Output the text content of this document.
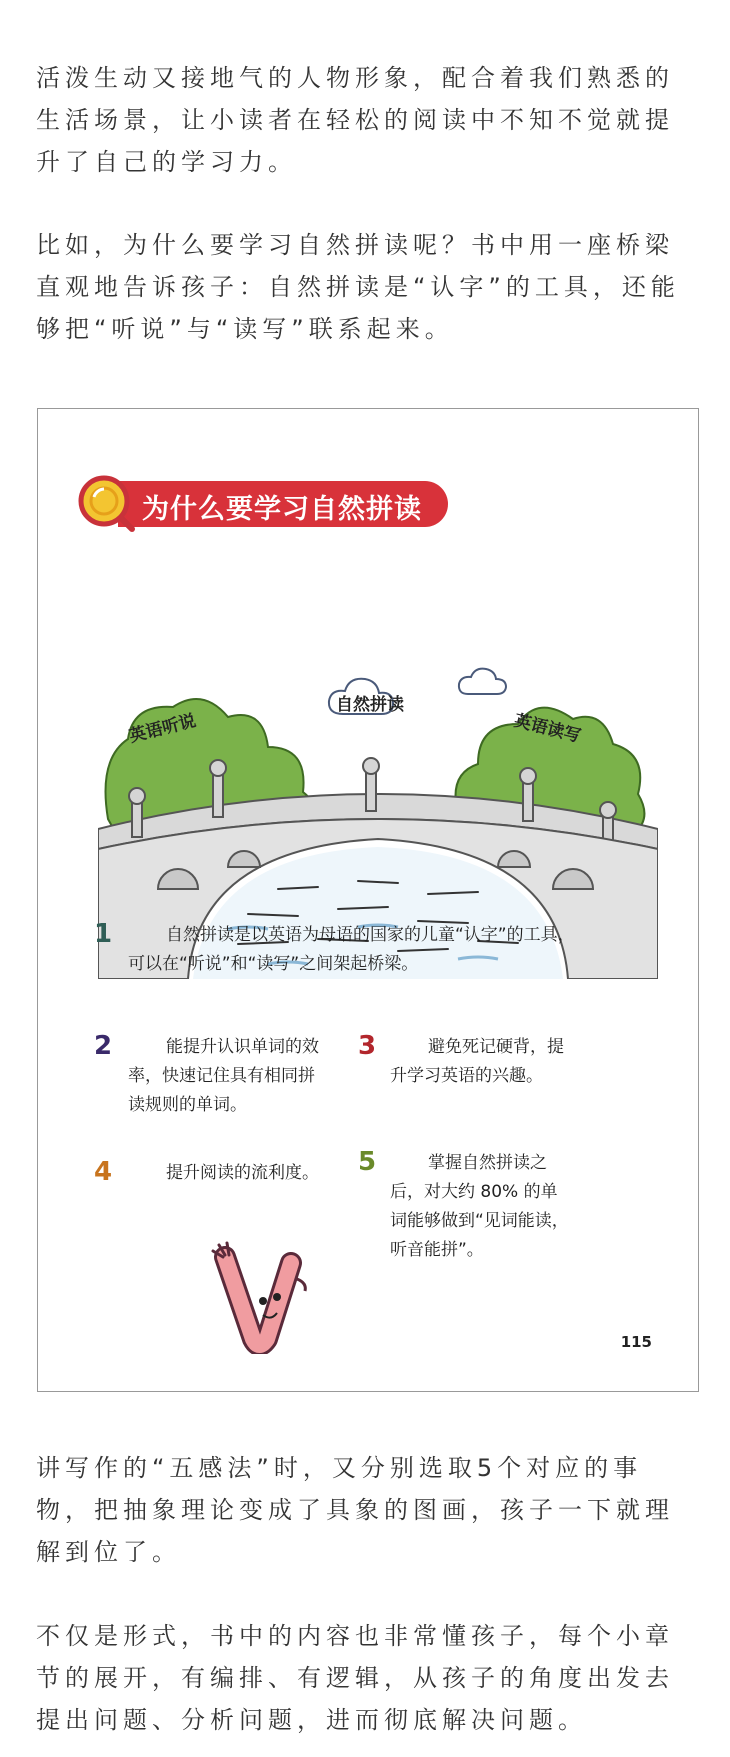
活泼生动又接地气的人物形象，配合着我们熟悉的
生活场景，让小读者在轻松的阅读中不知不觉就提
升了自己的学习力。
比如，为什么要学习自然拼读呢？书中用一座桥梁
直观地告诉孩子：自然拼读是“认字”的工具，还能
够把“听说”与“读写”联系起来。
为什么要学习自然拼读
自然拼读
英语听说	英语读写
1	自然拼读是以英语为母语的国家的儿童“认字”的工具，
可以在“听说”和“读写”之间架起桥梁。
2	能提升认识单词的效
率，快速记住具有相同拼
读规则的单词。
3	避免死记硬背，提
升学习英语的兴趣。
4	提升阅读的流利度。 5	掌握自然拼读之
后，对大约 80% 的单
词能够做到“见词能读，
听音能拼”。
115
讲写作的“五感法”时，又分别选取5个对应的事
物，把抽象理论变成了具象的图画，孩子一下就理
解到位了。
不仅是形式，书中的内容也非常懂孩子，每个小章
节的展开，有编排、有逻辑，从孩子的角度出发去
提出问题、分析问题，进而彻底解决问题。
